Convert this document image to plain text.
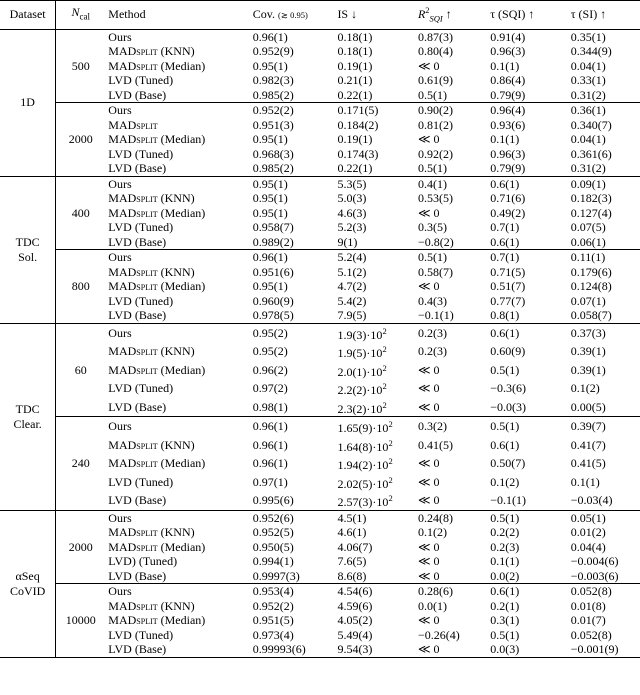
Dataset	$N_{cal}$	Method	Cov. (≳ 0.95)	IS ↓	$R^2_{SQI}$ ↑	τ (SQI) ↑	τ (SI) ↑

1D	500	Ours	0.96(1)	0.18(1)	0.87(3)	0.91(4)	0.35(1)
		MADsplit (KNN)	0.952(9)	0.18(1)	0.80(4)	0.96(3)	0.344(9)
		MADsplit (Median)	0.95(1)	0.19(1)	≪ 0	0.1(1)	0.04(1)
		LVD (Tuned)	0.982(3)	0.21(1)	0.61(9)	0.86(4)	0.33(1)
		LVD (Base)	0.985(2)	0.22(1)	0.5(1)	0.79(9)	0.31(2)
	2000	Ours	0.952(2)	0.171(5)	0.90(2)	0.96(4)	0.36(1)
		MADsplit	0.951(3)	0.184(2)	0.81(2)	0.93(6)	0.340(7)
		MADsplit (Median)	0.95(1)	0.19(1)	≪ 0	0.1(1)	0.04(1)
		LVD (Tuned)	0.968(3)	0.174(3)	0.92(2)	0.96(3)	0.361(6)
		LVD (Base)	0.985(2)	0.22(1)	0.5(1)	0.79(9)	0.31(2)

TDC
Sol.	400	Ours	0.95(1)	5.3(5)	0.4(1)	0.6(1)	0.09(1)
		MADsplit (KNN)	0.95(1)	5.0(3)	0.53(5)	0.71(6)	0.182(3)
		MADsplit (Median)	0.95(1)	4.6(3)	≪ 0	0.49(2)	0.127(4)
		LVD (Tuned)	0.958(7)	5.2(3)	0.3(5)	0.7(1)	0.07(5)
		LVD (Base)	0.989(2)	9(1)	−0.8(2)	0.6(1)	0.06(1)
	800	Ours	0.96(1)	5.2(4)	0.5(1)	0.7(1)	0.11(1)
		MADsplit (KNN)	0.951(6)	5.1(2)	0.58(7)	0.71(5)	0.179(6)
		MADsplit (Median)	0.95(1)	4.7(2)	≪ 0	0.51(7)	0.124(8)
		LVD (Tuned)	0.960(9)	5.4(2)	0.4(3)	0.77(7)	0.07(1)
		LVD (Base)	0.978(5)	7.9(5)	−0.1(1)	0.8(1)	0.058(7)

TDC
Clear.	60	Ours	0.95(2)	$1.9(3)\cdot 10^2$	0.2(3)	0.6(1)	0.37(3)
		MADsplit (KNN)	0.95(2)	$1.9(5)\cdot 10^2$	0.2(3)	0.60(9)	0.39(1)
		MADsplit (Median)	0.96(2)	$2.0(1)\cdot 10^2$	≪ 0	0.5(1)	0.39(1)
		LVD (Tuned)	0.97(2)	$2.2(2)\cdot 10^2$	≪ 0	−0.3(6)	0.1(2)
		LVD (Base)	0.98(1)	$2.3(2)\cdot 10^2$	≪ 0	−0.0(3)	0.00(5)
	240	Ours	0.96(1)	$1.65(9)\cdot 10^2$	0.3(2)	0.5(1)	0.39(7)
		MADsplit (KNN)	0.96(1)	$1.64(8)\cdot 10^2$	0.41(5)	0.6(1)	0.41(7)
		MADsplit (Median)	0.96(1)	$1.94(2)\cdot 10^2$	≪ 0	0.50(7)	0.41(5)
		LVD (Tuned)	0.97(1)	$2.02(5)\cdot 10^2$	≪ 0	0.1(2)	0.1(1)
		LVD (Base)	0.995(6)	$2.57(3)\cdot 10^2$	≪ 0	−0.1(1)	−0.03(4)

αSeq
CoVID	2000	Ours	0.952(6)	4.5(1)	0.24(8)	0.5(1)	0.05(1)
		MADsplit (KNN)	0.952(5)	4.6(1)	0.1(2)	0.2(2)	0.01(2)
		MADsplit (Median)	0.950(5)	4.06(7)	≪ 0	0.2(3)	0.04(4)
		LVD) (Tuned)	0.994(1)	7.6(5)	≪ 0	0.1(1)	−0.004(6)
		LVD (Base)	0.9997(3)	8.6(8)	≪ 0	0.0(2)	−0.003(6)
	10000	Ours	0.953(4)	4.54(6)	0.28(6)	0.6(1)	0.052(8)
		MADsplit (KNN)	0.952(2)	4.59(6)	0.0(1)	0.2(1)	0.01(8)
		MADsplit (Median)	0.951(5)	4.05(2)	≪ 0	0.3(1)	0.01(7)
		LVD (Tuned)	0.973(4)	5.49(4)	−0.26(4)	0.5(1)	0.052(8)
		LVD (Base)	0.99993(6)	9.54(3)	≪ 0	0.0(3)	−0.001(9)
